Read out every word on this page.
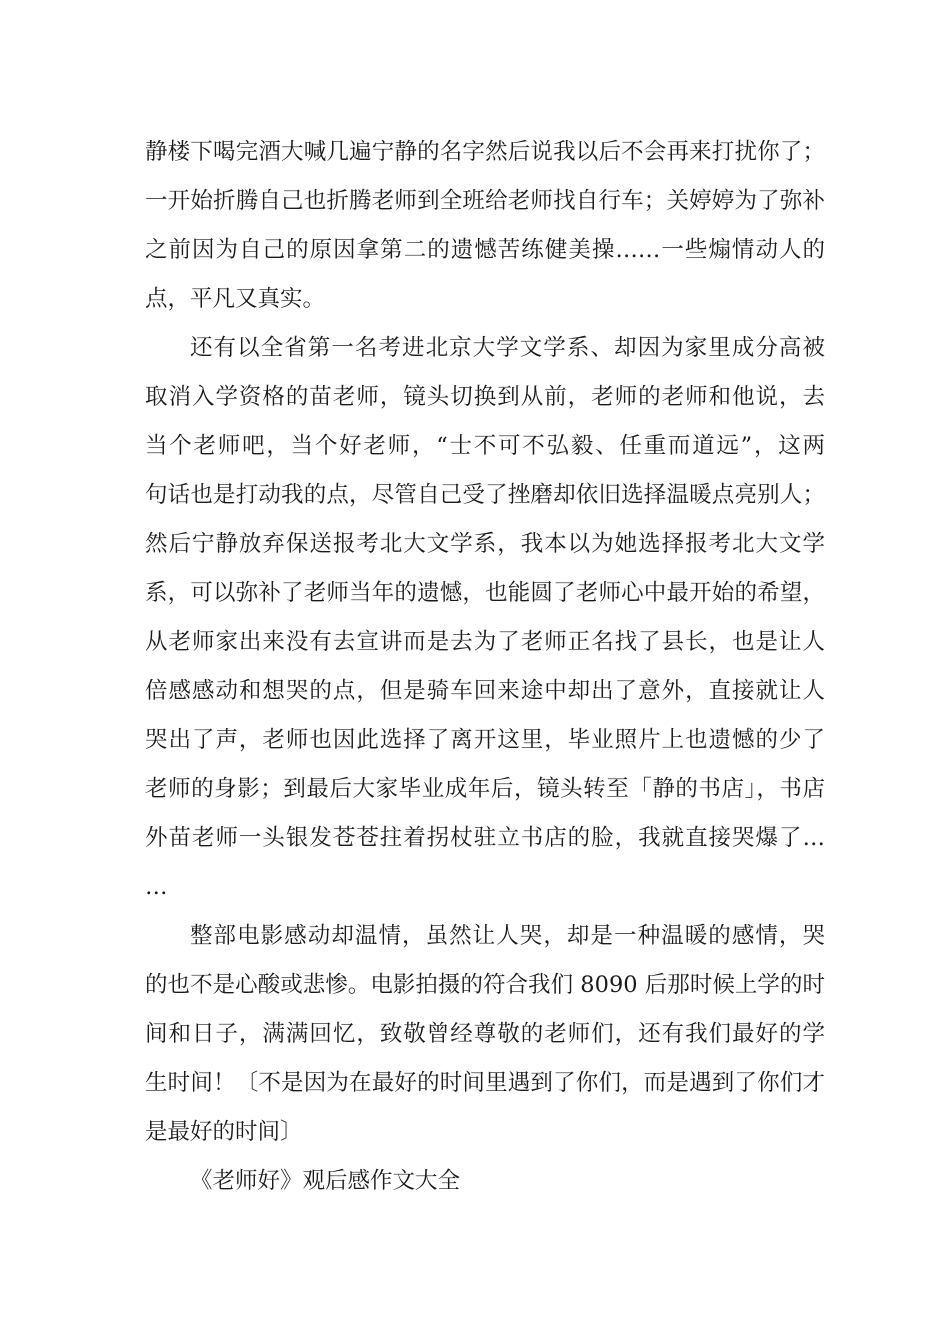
静楼下喝完酒大喊几遍宁静的名字然后说我以后不会再来打扰你了；
一开始折腾自己也折腾老师到全班给老师找自行车；关婷婷为了弥补
之前因为自己的原因拿第二的遗憾苦练健美操……一些煽情动人的
点，平凡又真实。
还有以全省第一名考进北京大学文学系、却因为家里成分高被
取消入学资格的苗老师，镜头切换到从前，老师的老师和他说，去
当个老师吧，当个好老师，“士不可不弘毅、任重而道远”，这两
句话也是打动我的点，尽管自己受了挫磨却依旧选择温暖点亮别人；
然后宁静放弃保送报考北大文学系，我本以为她选择报考北大文学
系，可以弥补了老师当年的遗憾，也能圆了老师心中最开始的希望，
从老师家出来没有去宣讲而是去为了老师正名找了县长，也是让人
倍感感动和想哭的点，但是骑车回来途中却出了意外，直接就让人
哭出了声，老师也因此选择了离开这里，毕业照片上也遗憾的少了
老师的身影；到最后大家毕业成年后，镜头转至「静的书店」，书店
外苗老师一头银发苍苍拄着拐杖驻立书店的脸，我就直接哭爆了…
…
整部电影感动却温情，虽然让人哭，却是一种温暖的感情，哭
的也不是心酸或悲惨。电影拍摄的符合我们 8090 后那时候上学的时
间和日子，满满回忆，致敬曾经尊敬的老师们，还有我们最好的学
生时间！〔不是因为在最好的时间里遇到了你们，而是遇到了你们才
是最好的时间〕
《老师好》观后感作文大全
